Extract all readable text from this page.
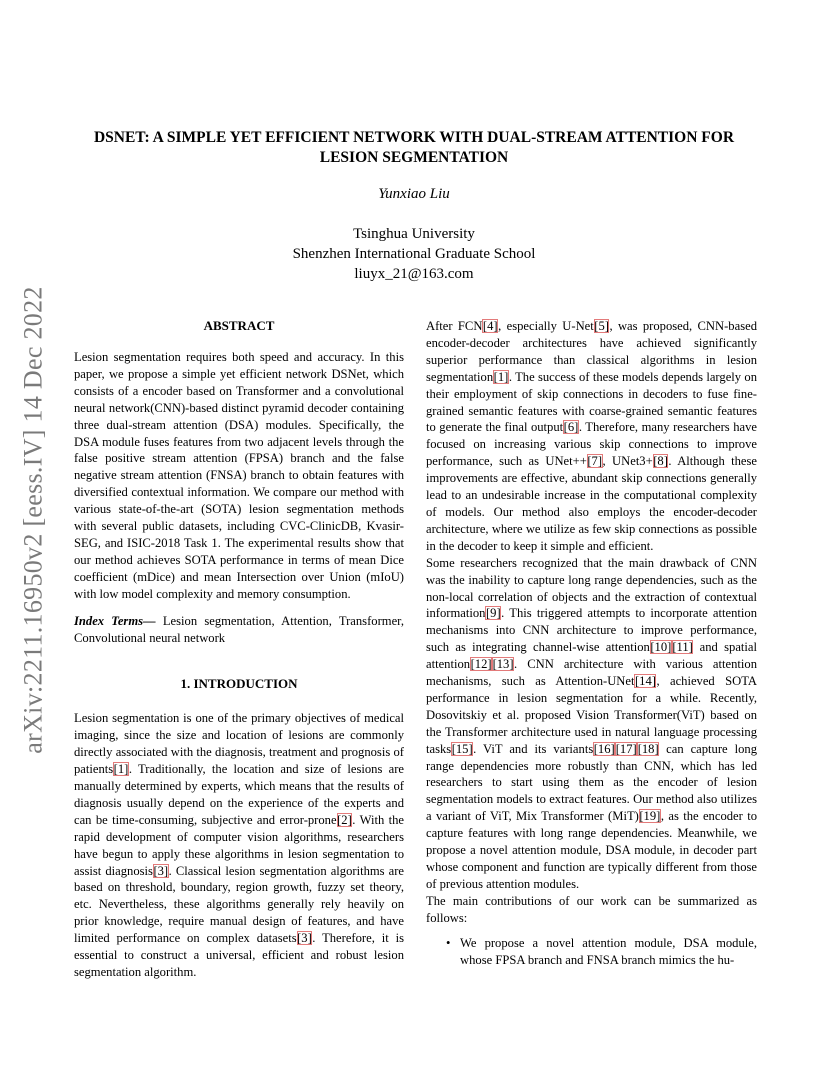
arXiv:2211.16950v2 [eess.IV] 14 Dec 2022
DSNET: A SIMPLE YET EFFICIENT NETWORK WITH DUAL-STREAM ATTENTION FOR
LESION SEGMENTATION
Yunxiao Liu
Tsinghua University
Shenzhen International Graduate School
liuyx_21@163.com
ABSTRACT

Lesion segmentation requires both speed and accuracy. In this paper, we propose a simple yet efficient network DSNet, which consists of a encoder based on Transformer and a convolutional neural network(CNN)-based distinct pyramid decoder containing three dual-stream attention (DSA) modules. Specifically, the DSA module fuses features from two adjacent levels through the false positive stream attention (FPSA) branch and the false negative stream attention (FNSA) branch to obtain features with diversified contextual information. We compare our method with various state-of-the-art (SOTA) lesion segmentation methods with several public datasets, including CVC-ClinicDB, Kvasir-SEG, and ISIC-2018 Task 1. The experimental results show that our method achieves SOTA performance in terms of mean Dice coefficient (mDice) and mean Intersection over Union (mIoU) with low model complexity and memory consumption.

Index Terms— Lesion segmentation, Attention, Transformer, Convolutional neural network

1. INTRODUCTION

Lesion segmentation is one of the primary objectives of medical imaging, since the size and location of lesions are commonly directly associated with the diagnosis, treatment and prognosis of patients[1]. Traditionally, the location and size of lesions are manually determined by experts, which means that the results of diagnosis usually depend on the experience of the experts and can be time-consuming, subjective and error-prone[2]. With the rapid development of computer vision algorithms, researchers have begun to apply these algorithms in lesion segmentation to assist diagnosis[3]. Classical lesion segmentation algorithms are based on threshold, boundary, region growth, fuzzy set theory, etc. Nevertheless, these algorithms generally rely heavily on prior knowledge, require manual design of features, and have limited performance on complex datasets[3]. Therefore, it is essential to construct a universal, efficient and robust lesion segmentation algorithm.

After FCN[4], especially U-Net[5], was proposed, CNN-based encoder-decoder architectures have achieved significantly superior performance than classical algorithms in lesion segmentation[1]. The success of these models depends largely on their employment of skip connections in decoders to fuse fine-grained semantic features with coarse-grained semantic features to generate the final output[6]. Therefore, many researchers have focused on increasing various skip connections to improve performance, such as UNet++[7], UNet3+[8]. Although these improvements are effective, abundant skip connections generally lead to an undesirable increase in the computational complexity of models. Our method also employs the encoder-decoder architecture, where we utilize as few skip connections as possible in the decoder to keep it simple and efficient.

Some researchers recognized that the main drawback of CNN was the inability to capture long range dependencies, such as the non-local correlation of objects and the extraction of contextual information[9]. This triggered attempts to incorporate attention mechanisms into CNN architecture to improve performance, such as integrating channel-wise attention[10][11] and spatial attention[12][13]. CNN architecture with various attention mechanisms, such as Attention-UNet[14], achieved SOTA performance in lesion segmentation for a while. Recently, Dosovitskiy et al. proposed Vision Transformer(ViT) based on the Transformer architecture used in natural language processing tasks[15]. ViT and its variants[16][17][18] can capture long range dependencies more robustly than CNN, which has led researchers to start using them as the encoder of lesion segmentation models to extract features. Our method also utilizes a variant of ViT, Mix Transformer (MiT)[19], as the encoder to capture features with long range dependencies. Meanwhile, we propose a novel attention module, DSA module, in decoder part whose component and function are typically different from those of previous attention modules.

The main contributions of our work can be summarized as follows:

• We propose a novel attention module, DSA module, whose FPSA branch and FNSA branch mimics the hu-
